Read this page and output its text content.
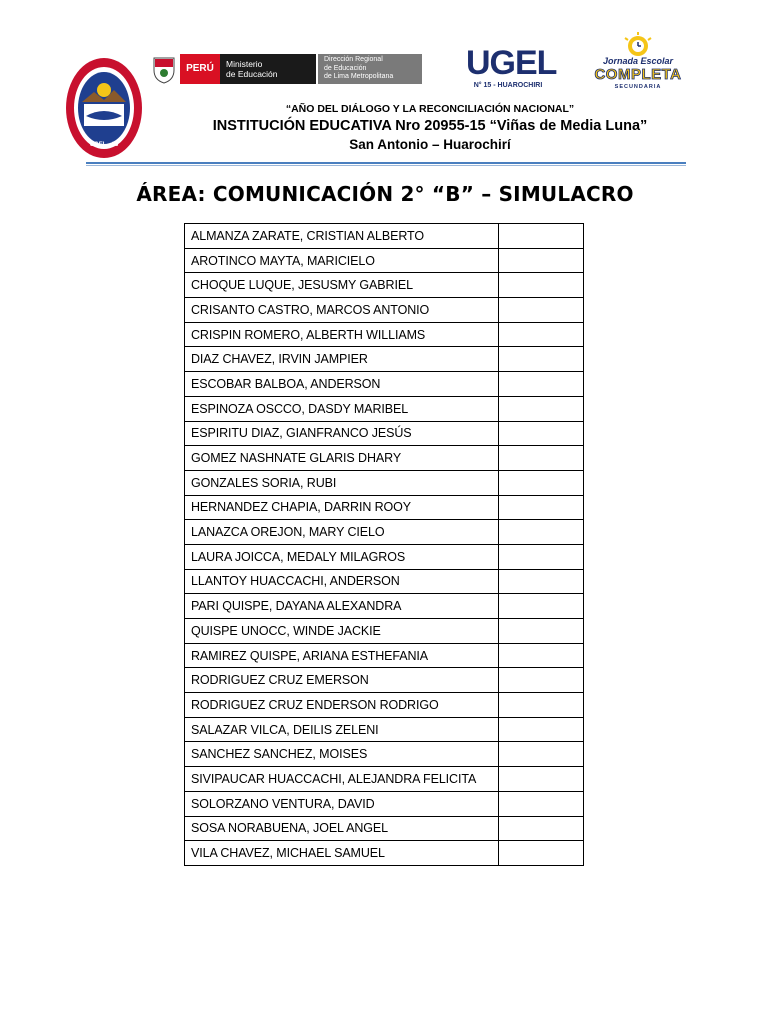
UGEL - 15
PERÚ	Ministerio
de Educación
Dirección Regional
de Educación
de Lima Metropolitana	UGEL
N° 15 - HUAROCHIRI
Jornada Escolar
COMPLETA
SECUNDARIA
“AÑO DEL DIÁLOGO Y LA RECONCILIACIÓN NACIONAL”
INSTITUCIÓN EDUCATIVA Nro 20955-15 “Viñas de Media Luna”
San Antonio – Huarochirí
ÁREA: COMUNICACIÓN 2° “B” – SIMULACRO
ALMANZA ZARATE, CRISTIAN ALBERTO	
AROTINCO MAYTA, MARICIELO	
CHOQUE LUQUE, JESUSMY GABRIEL	
CRISANTO CASTRO, MARCOS ANTONIO	
CRISPIN ROMERO, ALBERTH WILLIAMS	
DIAZ CHAVEZ, IRVIN JAMPIER	
ESCOBAR BALBOA, ANDERSON	
ESPINOZA OSCCO, DASDY MARIBEL	
ESPIRITU DIAZ, GIANFRANCO JESÚS	
GOMEZ NASHNATE GLARIS DHARY	
GONZALES SORIA, RUBI	
HERNANDEZ CHAPIA, DARRIN ROOY	
LANAZCA OREJON, MARY CIELO	
LAURA JOICCA, MEDALY MILAGROS	
LLANTOY HUACCACHI, ANDERSON	
PARI QUISPE, DAYANA ALEXANDRA	
QUISPE UNOCC, WINDE JACKIE	
RAMIREZ QUISPE, ARIANA ESTHEFANIA	
RODRIGUEZ CRUZ EMERSON	
RODRIGUEZ CRUZ ENDERSON RODRIGO	
SALAZAR VILCA, DEILIS ZELENI	
SANCHEZ SANCHEZ, MOISES	
SIVIPAUCAR HUACCACHI, ALEJANDRA FELICITA	
SOLORZANO VENTURA, DAVID	
SOSA NORABUENA, JOEL ANGEL	
VILA CHAVEZ, MICHAEL SAMUEL	
